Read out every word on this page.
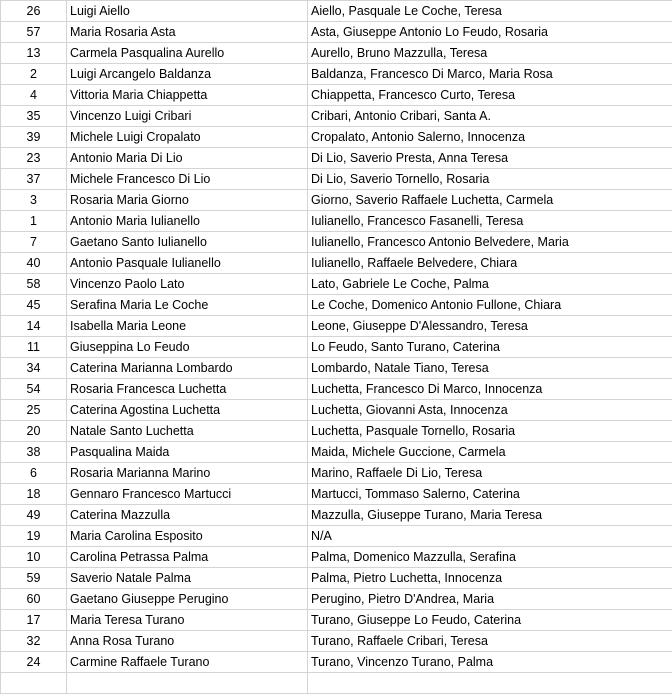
26	Luigi Aiello	Aiello, Pasquale Le Coche, Teresa
57	Maria Rosaria Asta	Asta, Giuseppe Antonio Lo Feudo, Rosaria
13	Carmela Pasqualina Aurello	Aurello, Bruno Mazzulla, Teresa
2	Luigi Arcangelo Baldanza	Baldanza, Francesco Di Marco, Maria Rosa
4	Vittoria Maria Chiappetta	Chiappetta, Francesco Curto, Teresa
35	Vincenzo Luigi Cribari	Cribari, Antonio Cribari, Santa A.
39	Michele Luigi Cropalato	Cropalato, Antonio Salerno, Innocenza
23	Antonio Maria Di Lio	Di Lio, Saverio Presta, Anna Teresa
37	Michele Francesco Di Lio	Di Lio, Saverio Tornello, Rosaria
3	Rosaria Maria Giorno	Giorno, Saverio Raffaele Luchetta, Carmela
1	Antonio Maria Iulianello	Iulianello, Francesco Fasanelli, Teresa
7	Gaetano Santo Iulianello	Iulianello, Francesco Antonio Belvedere, Maria
40	Antonio Pasquale Iulianello	Iulianello, Raffaele Belvedere, Chiara
58	Vincenzo Paolo Lato	Lato, Gabriele Le Coche, Palma
45	Serafina Maria Le Coche	Le Coche, Domenico Antonio Fullone, Chiara
14	Isabella Maria Leone	Leone, Giuseppe D'Alessandro, Teresa
11	Giuseppina Lo Feudo	Lo Feudo, Santo Turano, Caterina
34	Caterina Marianna Lombardo	Lombardo, Natale Tiano, Teresa
54	Rosaria Francesca Luchetta	Luchetta, Francesco Di Marco, Innocenza
25	Caterina Agostina Luchetta	Luchetta, Giovanni Asta, Innocenza
20	Natale Santo Luchetta	Luchetta, Pasquale Tornello, Rosaria
38	Pasqualina Maida	Maida, Michele Guccione, Carmela
6	Rosaria Marianna Marino	Marino, Raffaele Di Lio, Teresa
18	Gennaro Francesco Martucci	Martucci, Tommaso Salerno, Caterina
49	Caterina Mazzulla	Mazzulla, Giuseppe Turano, Maria Teresa
19	Maria Carolina Esposito	N/A
10	Carolina Petrassa Palma	Palma, Domenico Mazzulla, Serafina
59	Saverio Natale Palma	Palma, Pietro Luchetta, Innocenza
60	Gaetano Giuseppe Perugino	Perugino, Pietro D'Andrea, Maria
17	Maria Teresa Turano	Turano, Giuseppe Lo Feudo, Caterina
32	Anna Rosa Turano	Turano, Raffaele Cribari, Teresa
24	Carmine Raffaele Turano	Turano, Vincenzo Turano, Palma
